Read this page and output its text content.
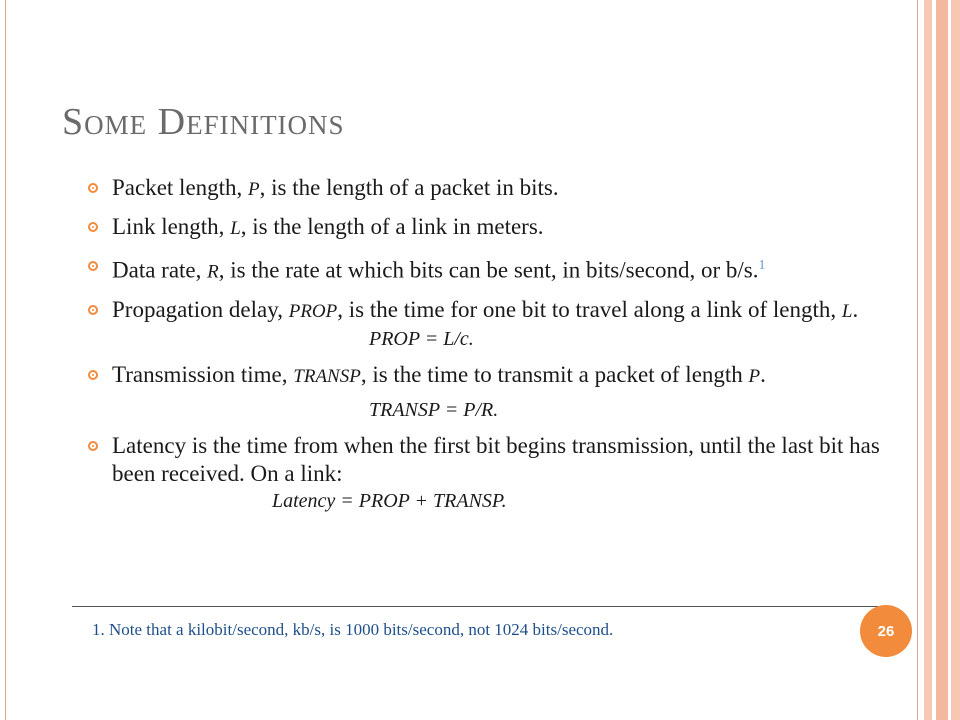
Some Definitions
Packet length, P, is the length of a packet in bits.
Link length, L, is the length of a link in meters.
Data rate, R, is the rate at which bits can be sent, in bits/second, or b/s.$^1$
Propagation delay, PROP, is the time for one bit to travel along a link of length, L.
PROP = L/c.
Transmission time, TRANSP, is the time to transmit a packet of length P.
TRANSP = P/R.
Latency is the time from when the first bit begins transmission, until the last bit has been received. On a link:
Latency = PROP + TRANSP.
1. Note that a kilobit/second, kb/s, is 1000 bits/second, not 1024 bits/second.	26
